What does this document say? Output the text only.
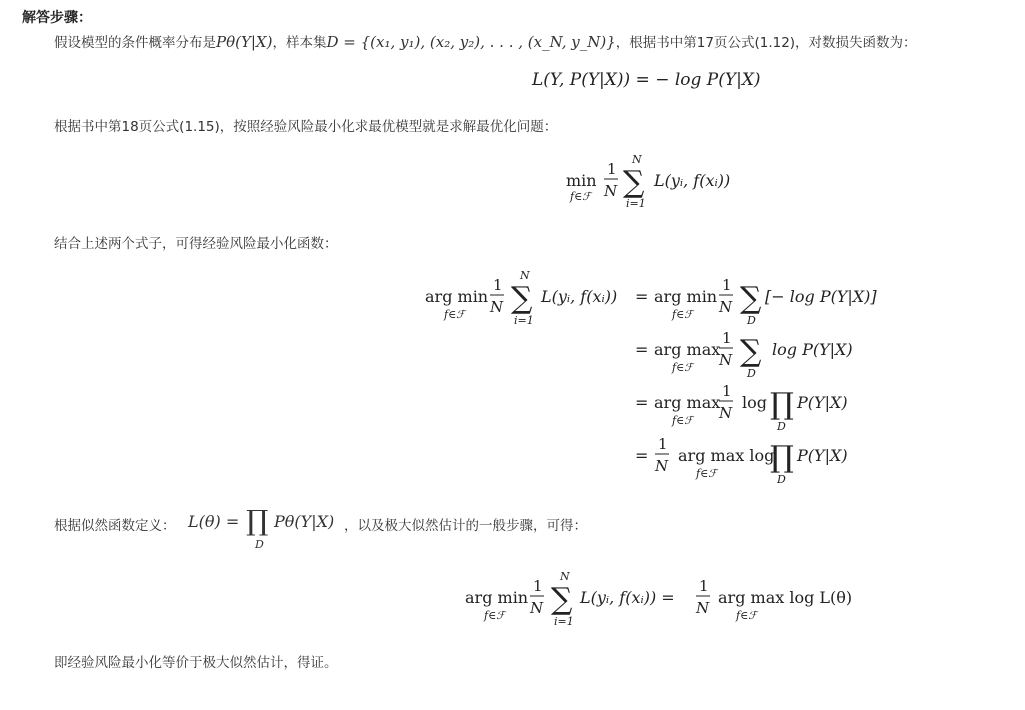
解答步骤：
假设模型的条件概率分布是Pθ(Y|X)，样本集D = {(x₁, y₁), (x₂, y₂), . . . , (x_N, y_N)}，根据书中第17页公式(1.12)，对数损失函数为：
L(Y, P(Y|X)) = − log P(Y|X)
根据书中第18页公式(1.15)，按照经验风险最小化求最优模型就是求解最优化问题：
min
f∈ℱ
1
N
N
∑
i=1
L(yᵢ, f(xᵢ))
结合上述两个式子，可得经验风险最小化函数：
arg min
f∈ℱ
1
N
N
∑
i=1
L(yᵢ, f(xᵢ)) = arg min
f∈ℱ
1
N ∑
D
[− log P(Y|X)]
= arg max
f∈ℱ
1
N ∑
D
log P(Y|X)
= arg max
f∈ℱ
1
N
log ∏
D
P(Y|X)
=
1
N
arg max log
f∈ℱ ∏
D
P(Y|X)
根据似然函数定义： L(θ) = ∏
D
Pθ(Y|X) ，以及极大似然估计的一般步骤，可得：
arg min
f∈ℱ
1
N
N
∑
i=1
L(yᵢ, f(xᵢ)) =
1
N
arg max log L(θ)
f∈ℱ
即经验风险最小化等价于极大似然估计，得证。
